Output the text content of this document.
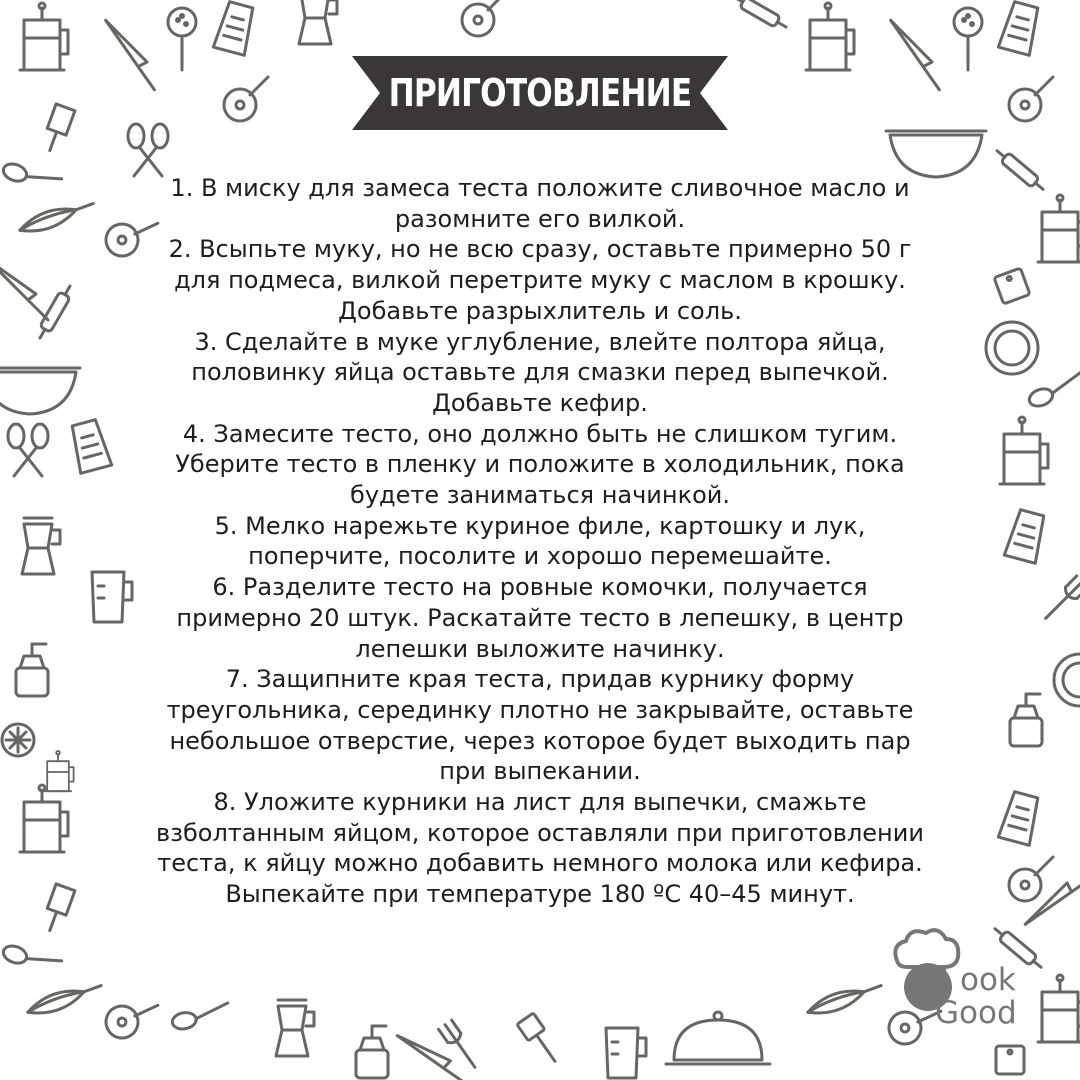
ПРИГОТОВЛЕНИЕ
1. В миску для замеса теста положите сливочное масло и разомните его вилкой.
2. Всыпьте муку, но не всю сразу, оставьте примерно 50 г для подмеса, вилкой перетрите муку с маслом в крошку. Добавьте разрыхлитель и соль.
3. Сделайте в муке углубление, влейте полтора яйца, половинку яйца оставьте для смазки перед выпечкой. Добавьте кефир.
4. Замесите тесто, оно должно быть не слишком тугим. Уберите тесто в пленку и положите в холодильник, пока будете заниматься начинкой.
5. Мелко нарежьте куриное филе, картошку и лук, поперчите, посолите и хорошо перемешайте.
6. Разделите тесто на ровные комочки, получается примерно 20 штук. Раскатайте тесто в лепешку, в центр лепешки выложите начинку.
7. Защипните края теста, придав курнику форму треугольника, серединку плотно не закрывайте, оставьте небольшое отверстие, через которое будет выходить пар при выпекании.
8. Уложите курники на лист для выпечки, смажьте взболтанным яйцом, которое оставляли при приготовлении теста, к яйцу можно добавить немного молока или кефира. Выпекайте при температуре 180 ºC 40–45 минут.
ook
Good
